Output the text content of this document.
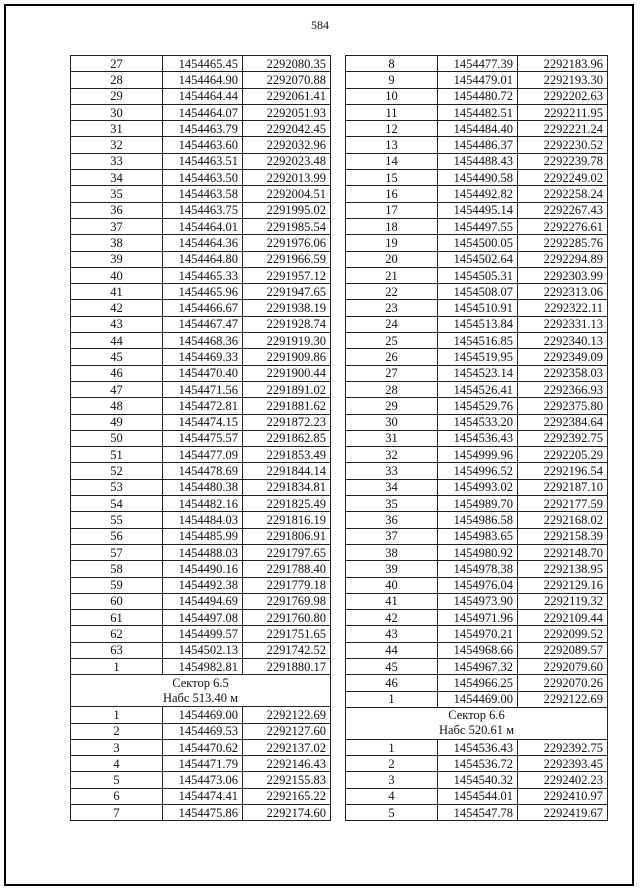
584
27	1454465.45	2292080.35
28	1454464.90	2292070.88
29	1454464.44	2292061.41
30	1454464.07	2292051.93
31	1454463.79	2292042.45
32	1454463.60	2292032.96
33	1454463.51	2292023.48
34	1454463.50	2292013.99
35	1454463.58	2292004.51
36	1454463.75	2291995.02
37	1454464.01	2291985.54
38	1454464.36	2291976.06
39	1454464.80	2291966.59
40	1454465.33	2291957.12
41	1454465.96	2291947.65
42	1454466.67	2291938.19
43	1454467.47	2291928.74
44	1454468.36	2291919.30
45	1454469.33	2291909.86
46	1454470.40	2291900.44
47	1454471.56	2291891.02
48	1454472.81	2291881.62
49	1454474.15	2291872.23
50	1454475.57	2291862.85
51	1454477.09	2291853.49
52	1454478.69	2291844.14
53	1454480.38	2291834.81
54	1454482.16	2291825.49
55	1454484.03	2291816.19
56	1454485.99	2291806.91
57	1454488.03	2291797.65
58	1454490.16	2291788.40
59	1454492.38	2291779.18
60	1454494.69	2291769.98
61	1454497.08	2291760.80
62	1454499.57	2291751.65
63	1454502.13	2291742.52
1	1454982.81	2291880.17

Сектор 6.5
Набс 513.40 м		

1	1454469.00	2292122.69
2	1454469.53	2292127.60
3	1454470.62	2292137.02
4	1454471.79	2292146.43
5	1454473.06	2292155.83
6	1454474.41	2292165.22
7	1454475.86	2292174.60
8	1454477.39	2292183.96
9	1454479.01	2292193.30
10	1454480.72	2292202.63
11	1454482.51	2292211.95
12	1454484.40	2292221.24
13	1454486.37	2292230.52
14	1454488.43	2292239.78
15	1454490.58	2292249.02
16	1454492.82	2292258.24
17	1454495.14	2292267.43
18	1454497.55	2292276.61
19	1454500.05	2292285.76
20	1454502.64	2292294.89
21	1454505.31	2292303.99
22	1454508.07	2292313.06
23	1454510.91	2292322.11
24	1454513.84	2292331.13
25	1454516.85	2292340.13
26	1454519.95	2292349.09
27	1454523.14	2292358.03
28	1454526.41	2292366.93
29	1454529.76	2292375.80
30	1454533.20	2292384.64
31	1454536.43	2292392.75
32	1454999.96	2292205.29
33	1454996.52	2292196.54
34	1454993.02	2292187.10
35	1454989.70	2292177.59
36	1454986.58	2292168.02
37	1454983.65	2292158.39
38	1454980.92	2292148.70
39	1454978.38	2292138.95
40	1454976.04	2292129.16
41	1454973.90	2292119.32
42	1454971.96	2292109.44
43	1454970.21	2292099.52
44	1454968.66	2292089.57
45	1454967.32	2292079.60
46	1454966.25	2292070.26
1	1454469.00	2292122.69

Сектор 6.6
Набс 520.61 м		

1	1454536.43	2292392.75
2	1454536.72	2292393.45
3	1454540.32	2292402.23
4	1454544.01	2292410.97
5	1454547.78	2292419.67
